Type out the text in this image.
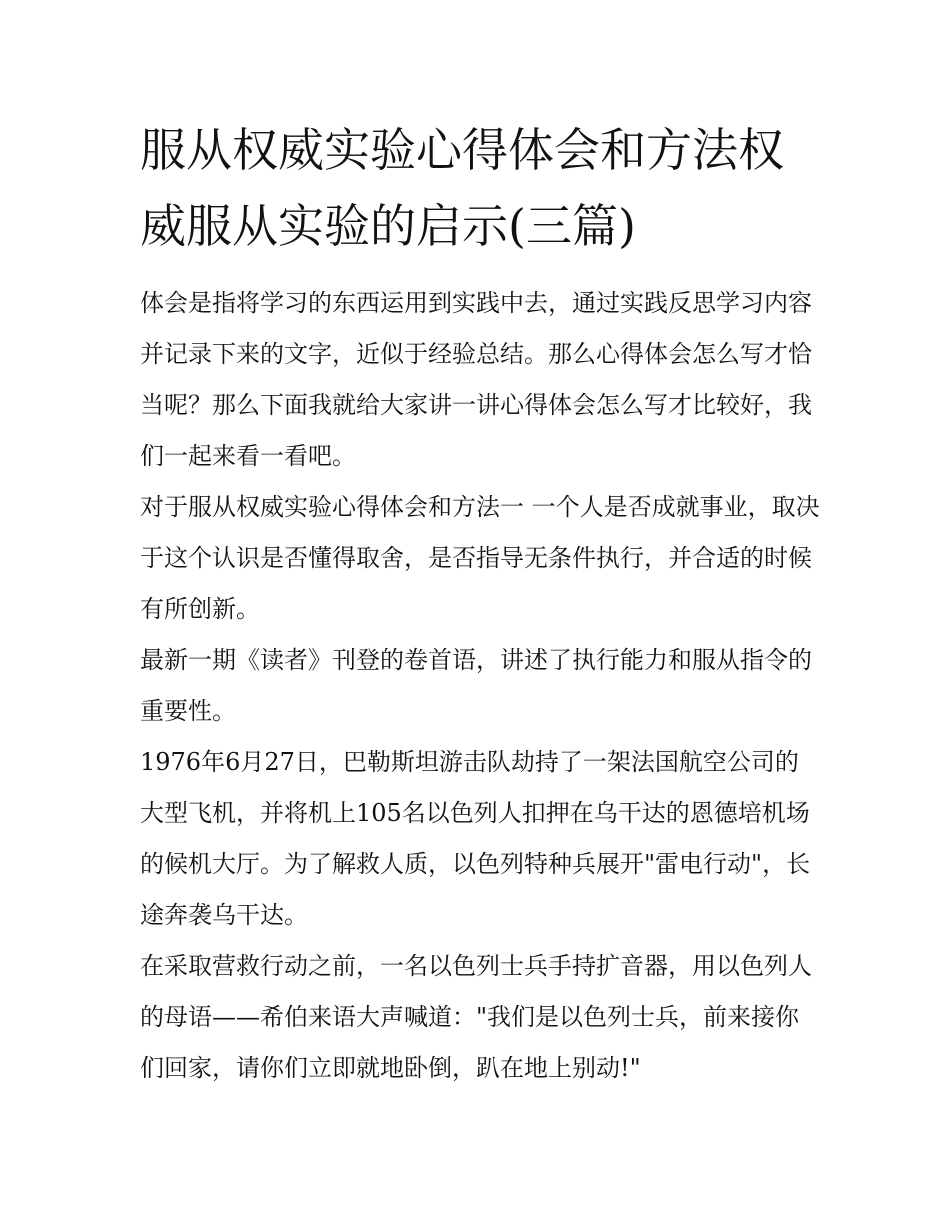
服从权威实验心得体会和方法权威服从实验的启示(三篇)

体会是指将学习的东西运用到实践中去，通过实践反思学习内容并记录下来的文字，近似于经验总结。那么心得体会怎么写才恰当呢？那么下面我就给大家讲一讲心得体会怎么写才比较好，我们一起来看一看吧。

对于服从权威实验心得体会和方法一 一个人是否成就事业，取决于这个认识是否懂得取舍，是否指导无条件执行，并合适的时候有所创新。

最新一期《读者》刊登的卷首语，讲述了执行能力和服从指令的重要性。

1976年6月27日，巴勒斯坦游击队劫持了一架法国航空公司的大型飞机，并将机上105名以色列人扣押在乌干达的恩德培机场的候机大厅。为了解救人质，以色列特种兵展开"雷电行动"，长途奔袭乌干达。

在采取营救行动之前，一名以色列士兵手持扩音器，用以色列人的母语——希伯来语大声喊道："我们是以色列士兵，前来接你们回家，请你们立即就地卧倒，趴在地上别动!"
